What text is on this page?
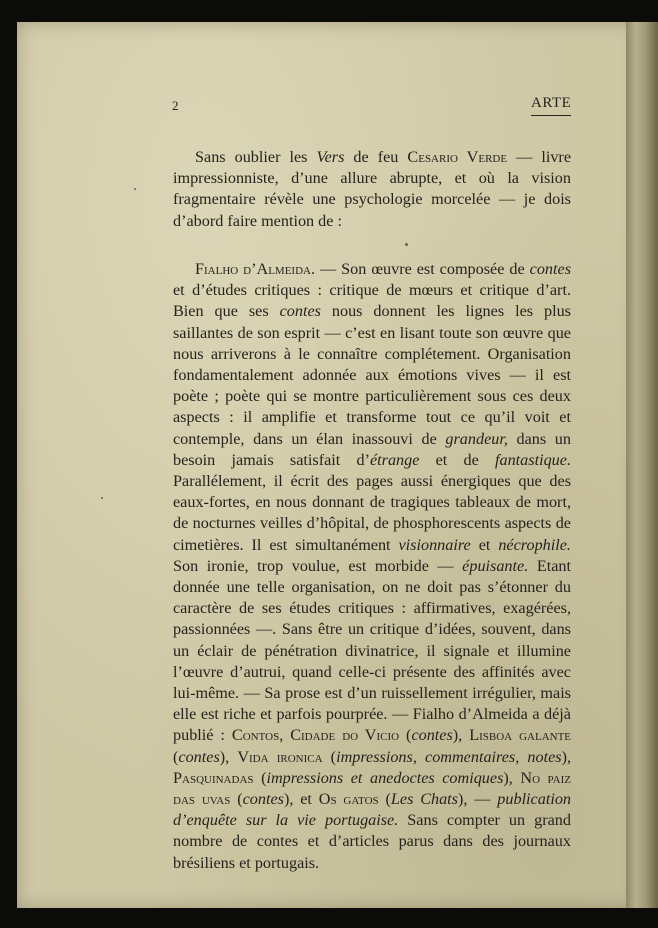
2	ARTE

Sans oublier les Vers de feu Cesario Verde — livre impressionniste, d’une allure abrupte, et où la vision fragmentaire révèle une psychologie morcelée — je dois d’abord faire mention de :

Fialho d’Almeida. — Son œuvre est composée de contes et d’études critiques : critique de mœurs et critique d’art. Bien que ses contes nous donnent les lignes les plus saillantes de son esprit — c’est en lisant toute son œuvre que nous arriverons à le connaître complétement. Organisation fondamentalement adonnée aux émotions vives — il est poète ; poète qui se montre particulièrement sous ces deux aspects : il amplifie et transforme tout ce qu’il voit et contemple, dans un élan inassouvi de grandeur, dans un besoin jamais satisfait d’étrange et de fantastique. Parallélement, il écrit des pages aussi énergiques que des eaux-fortes, en nous donnant de tragiques tableaux de mort, de nocturnes veilles d’hôpital, de phosphorescents aspects de cimetières. Il est simultanément visionnaire et nécrophile. Son ironie, trop voulue, est morbide — épuisante. Etant donnée une telle organisation, on ne doit pas s’étonner du caractère de ses études critiques : affirmatives, exagérées, passionnées —. Sans être un critique d’idées, souvent, dans un éclair de pénétration divinatrice, il signale et illumine l’œuvre d’autrui, quand celle-ci présente des affinités avec lui-même. — Sa prose est d’un ruissellement irrégulier, mais elle est riche et parfois pourprée. — Fialho d’Almeida a déjà publié : Contos, Cidade do Vicio (contes), Lisboa galante (contes), Vida ironica (impressions, commentaires, notes), Pasquinadas (impressions et anedoctes comiques), No paiz das uvas (contes), et Os gatos (Les Chats), — publication d’enquête sur la vie portugaise. Sans compter un grand nombre de contes et d’articles parus dans des journaux brésiliens et portugais.
